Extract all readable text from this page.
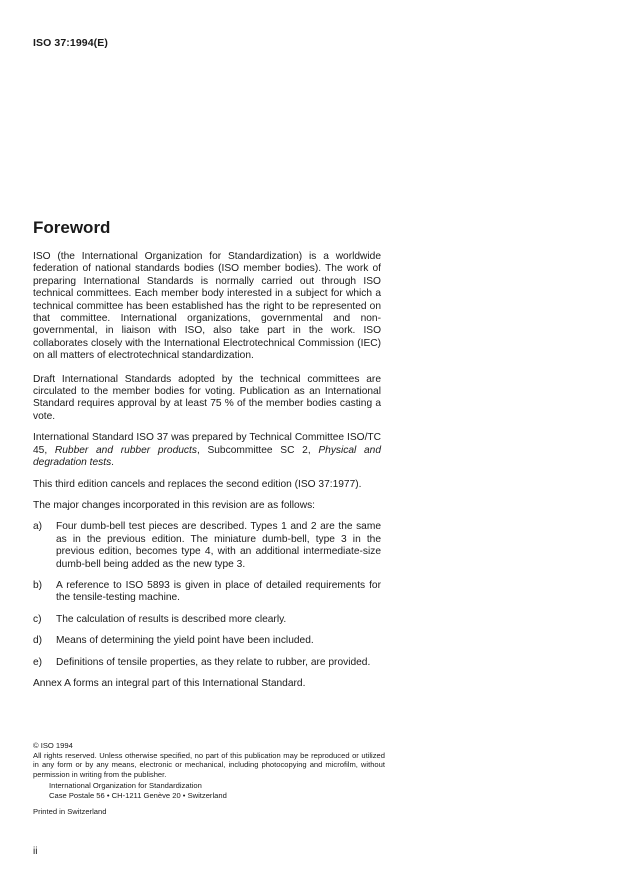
ISO 37:1994(E)
Foreword

ISO (the International Organization for Standardization) is a worldwide federation of national standards bodies (ISO member bodies). The work of preparing International Standards is normally carried out through ISO technical committees. Each member body interested in a subject for which a technical committee has been established has the right to be represented on that committee. International organizations, governmental and non-governmental, in liaison with ISO, also take part in the work. ISO collaborates closely with the International Electrotechnical Commission (IEC) on all matters of electrotechnical standardization.

Draft International Standards adopted by the technical committees are circulated to the member bodies for voting. Publication as an International Standard requires approval by at least 75 % of the member bodies casting a vote.

International Standard ISO 37 was prepared by Technical Committee ISO/TC 45, Rubber and rubber products, Subcommittee SC 2, Physical and degradation tests.

This third edition cancels and replaces the second edition (ISO 37:1977).

The major changes incorporated in this revision are as follows:

a)	Four dumb-bell test pieces are described. Types 1 and 2 are the same as in the previous edition. The miniature dumb-bell, type 3 in the previous edition, becomes type 4, with an additional intermediate-size dumb-bell being added as the new type 3.
b)	A reference to ISO 5893 is given in place of detailed requirements for the tensile-testing machine.
c)	The calculation of results is described more clearly.
d)	Means of determining the yield point have been included.
e)	Definitions of tensile properties, as they relate to rubber, are provided.

Annex A forms an integral part of this International Standard.

© ISO 1994
All rights reserved. Unless otherwise specified, no part of this publication may be reproduced or utilized in any form or by any means, electronic or mechanical, including photocopying and microfilm, without permission in writing from the publisher.
International Organization for Standardization
Case Postale 56 • CH-1211 Genève 20 • Switzerland
Printed in Switzerland
ii
